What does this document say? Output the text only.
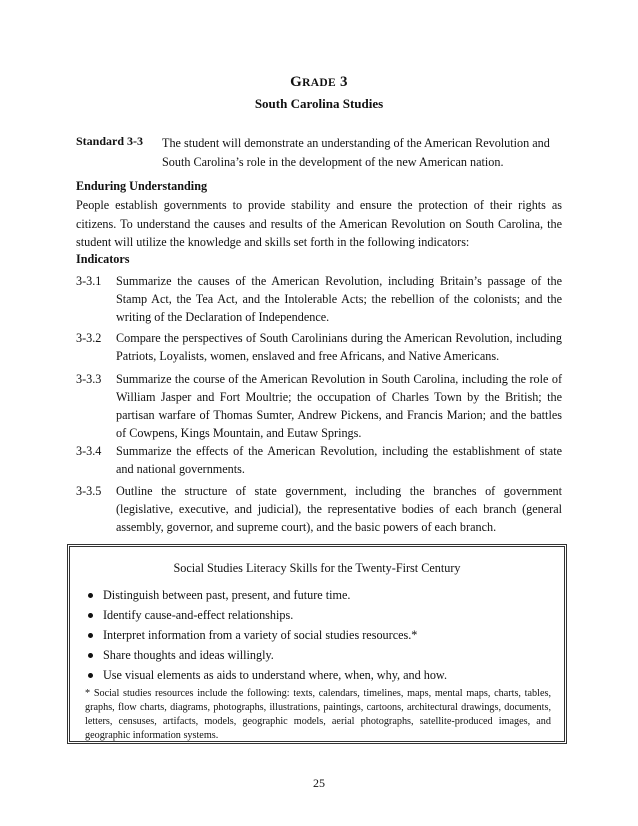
GRADE 3
South Carolina Studies
Standard 3-3 The student will demonstrate an understanding of the American Revolution and South Carolina’s role in the development of the new American nation.
Enduring Understanding
People establish governments to provide stability and ensure the protection of their rights as citizens. To understand the causes and results of the American Revolution on South Carolina, the student will utilize the knowledge and skills set forth in the following indicators:
Indicators
3-3.1	Summarize the causes of the American Revolution, including Britain’s passage of the Stamp Act, the Tea Act, and the Intolerable Acts; the rebellion of the colonists; and the writing of the Declaration of Independence.
3-3.2	Compare the perspectives of South Carolinians during the American Revolution, including Patriots, Loyalists, women, enslaved and free Africans, and Native Americans.
3-3.3	Summarize the course of the American Revolution in South Carolina, including the role of William Jasper and Fort Moultrie; the occupation of Charles Town by the British; the partisan warfare of Thomas Sumter, Andrew Pickens, and Francis Marion; and the battles of Cowpens, Kings Mountain, and Eutaw Springs.
3-3.4	Summarize the effects of the American Revolution, including the establishment of state and national governments.
3-3.5	Outline the structure of state government, including the branches of government (legislative, executive, and judicial), the representative bodies of each branch (general assembly, governor, and supreme court), and the basic powers of each branch.
Social Studies Literacy Skills for the Twenty-First Century
Distinguish between past, present, and future time.
Identify cause-and-effect relationships.
Interpret information from a variety of social studies resources.*
Share thoughts and ideas willingly.
Use visual elements as aids to understand where, when, why, and how.
* Social studies resources include the following: texts, calendars, timelines, maps, mental maps, charts, tables, graphs, flow charts, diagrams, photographs, illustrations, paintings, cartoons, architectural drawings, documents, letters, censuses, artifacts, models, geographic models, aerial photographs, satellite-produced images, and geographic information systems.
25
